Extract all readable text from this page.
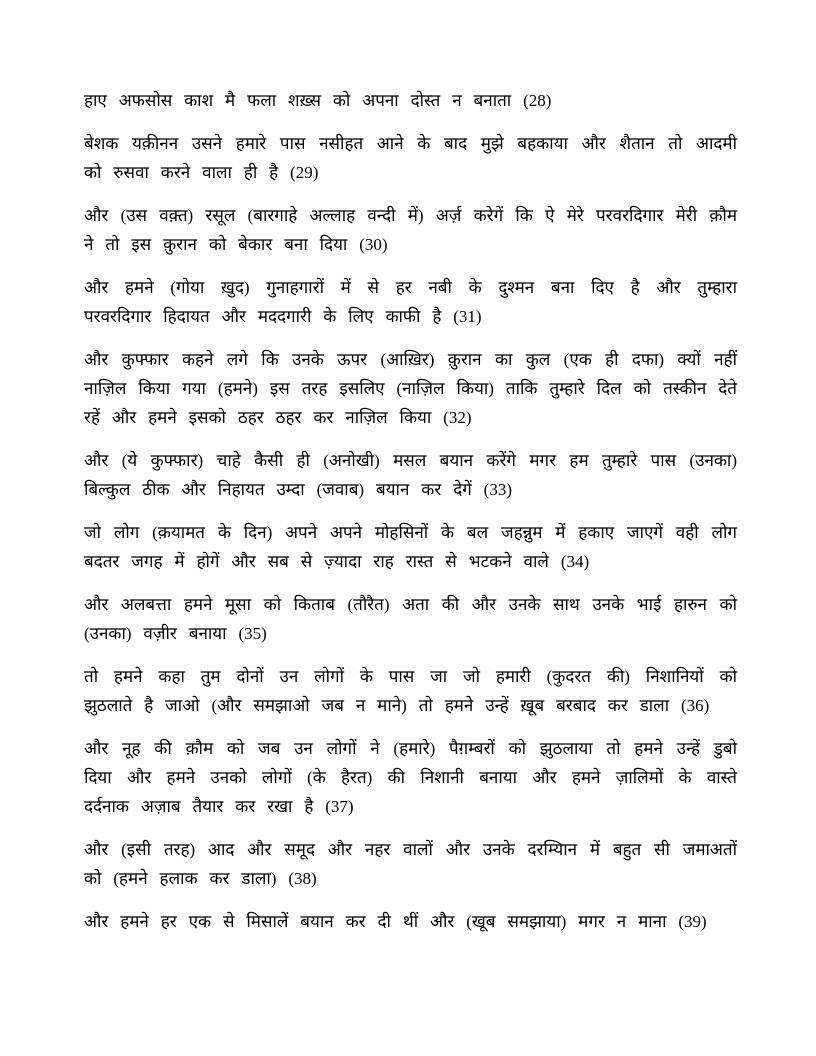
हाए अफसोस काश मै फला शख़्स को अपना दोस्त न बनाता (28)

बेशक यक़ीनन उसने हमारे पास नसीहत आने के बाद मुझे बहकाया और शैतान तो आदमी को रुसवा करने वाला ही है (29)

और (उस वक़्त) रसूल (बारगाहे अल्लाह वन्दी में) अर्ज़ करेगें कि ऐ मेरे परवरदिगार मेरी क़ौम ने तो इस क़ुरान को बेकार बना दिया (30)

और हमने (गोया ख़ुद) गुनाहगारों में से हर नबी के दुश्मन बना दिए है और तुम्हारा परवरदिगार हिदायत और मददगारी के लिए काफी है (31)

और कुफ्फार कहने लगे कि उनके ऊपर (आख़िर) क़ुरान का कुल (एक ही दफा) क्यों नहीं नाज़िल किया गया (हमने) इस तरह इसलिए (नाज़िल किया) ताकि तुम्हारे दिल को तस्कीन देते रहें और हमने इसको ठहर ठहर कर नाज़िल किया (32)

और (ये कुफ्फार) चाहे कैसी ही (अनोखी) मसल बयान करेंगे मगर हम तुम्हारे पास (उनका) बिल्कुल ठीक और निहायत उम्दा (जवाब) बयान कर देगें (33)

जो लोग (क़यामत के दिन) अपने अपने मोहसिनों के बल जहन्नुम में हकाए जाएगें वही लोग बदतर जगह में होगें और सब से ज़्यादा राह रास्त से भटकने वाले (34)

और अलबत्ता हमने मूसा को किताब (तौरैत) अता की और उनके साथ उनके भाई हारुन को (उनका) वज़ीर बनाया (35)

तो हमने कहा तुम दोनों उन लोगों के पास जा जो हमारी (कुदरत की) निशानियों को झुठलाते है जाओ (और समझाओ जब न माने) तो हमने उन्हें ख़ूब बरबाद कर डाला (36)

और नूह की क़ौम को जब उन लोगों ने (हमारे) पैग़म्बरों को झुठलाया तो हमने उन्हें डुबो दिया और हमने उनको लोगों (के हैरत) की निशानी बनाया और हमने ज़ालिमों के वास्ते दर्दनाक अज़ाब तैयार कर रखा है (37)

और (इसी तरह) आद और समूद और नहर वालों और उनके दरम्यिान में बहुत सी जमाअतों को (हमने हलाक कर डाला) (38)

और हमने हर एक से मिसालें बयान कर दी थीं और (खूब समझाया) मगर न माना (39)
